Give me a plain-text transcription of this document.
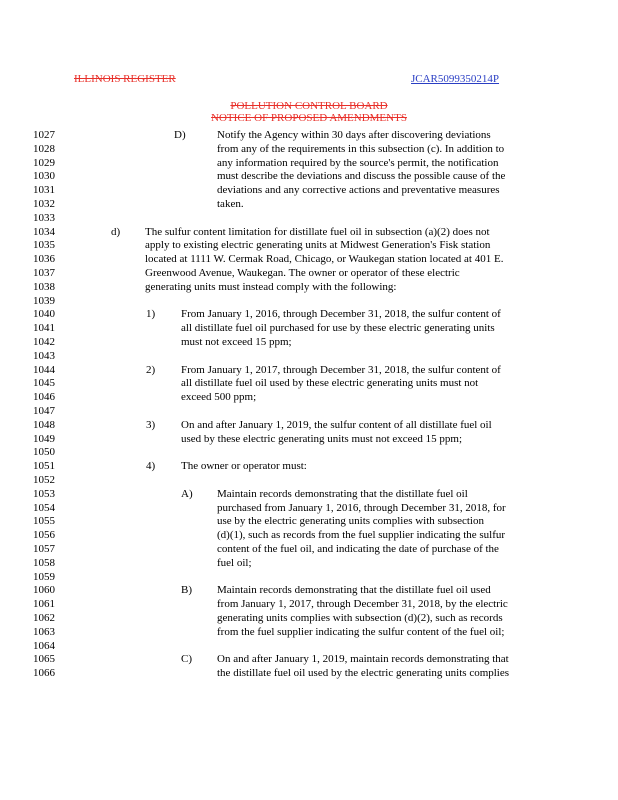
ILLINOIS REGISTER	JCAR5099350214P
POLLUTION CONTROL BOARD
NOTICE OF PROPOSED AMENDMENTS
1027
1028
1029
1030
1031
1032
1033
1034
1035
1036
1037
1038
1039
1040
1041
1042
1043
1044
1045
1046
1047
1048
1049
1050
1051
1052
1053
1054
1055
1056
1057
1058
1059
1060
1061
1062
1063
1064
1065
1066
D)	Notify the Agency within 30 days after discovering deviations
from any of the requirements in this subsection (c). In addition to
any information required by the source's permit, the notification
must describe the deviations and discuss the possible cause of the
deviations and any corrective actions and preventative measures
taken.
d) The sulfur content limitation for distillate fuel oil in subsection (a)(2) does not
apply to existing electric generating units at Midwest Generation's Fisk station
located at 1111 W. Cermak Road, Chicago, or Waukegan station located at 401 E.
Greenwood Avenue, Waukegan. The owner or operator of these electric
generating units must instead comply with the following:
1) From January 1, 2016, through December 31, 2018, the sulfur content of
all distillate fuel oil purchased for use by these electric generating units
must not exceed 15 ppm;
2) From January 1, 2017, through December 31, 2018, the sulfur content of
all distillate fuel oil used by these electric generating units must not
exceed 500 ppm;
3) On and after January 1, 2019, the sulfur content of all distillate fuel oil
used by these electric generating units must not exceed 15 ppm;
4) The owner or operator must:
A) Maintain records demonstrating that the distillate fuel oil
purchased from January 1, 2016, through December 31, 2018, for
use by the electric generating units complies with subsection
(d)(1), such as records from the fuel supplier indicating the sulfur
content of the fuel oil, and indicating the date of purchase of the
fuel oil;
B) Maintain records demonstrating that the distillate fuel oil used
from January 1, 2017, through December 31, 2018, by the electric
generating units complies with subsection (d)(2), such as records
from the fuel supplier indicating the sulfur content of the fuel oil;
C) On and after January 1, 2019, maintain records demonstrating that
the distillate fuel oil used by the electric generating units complies
